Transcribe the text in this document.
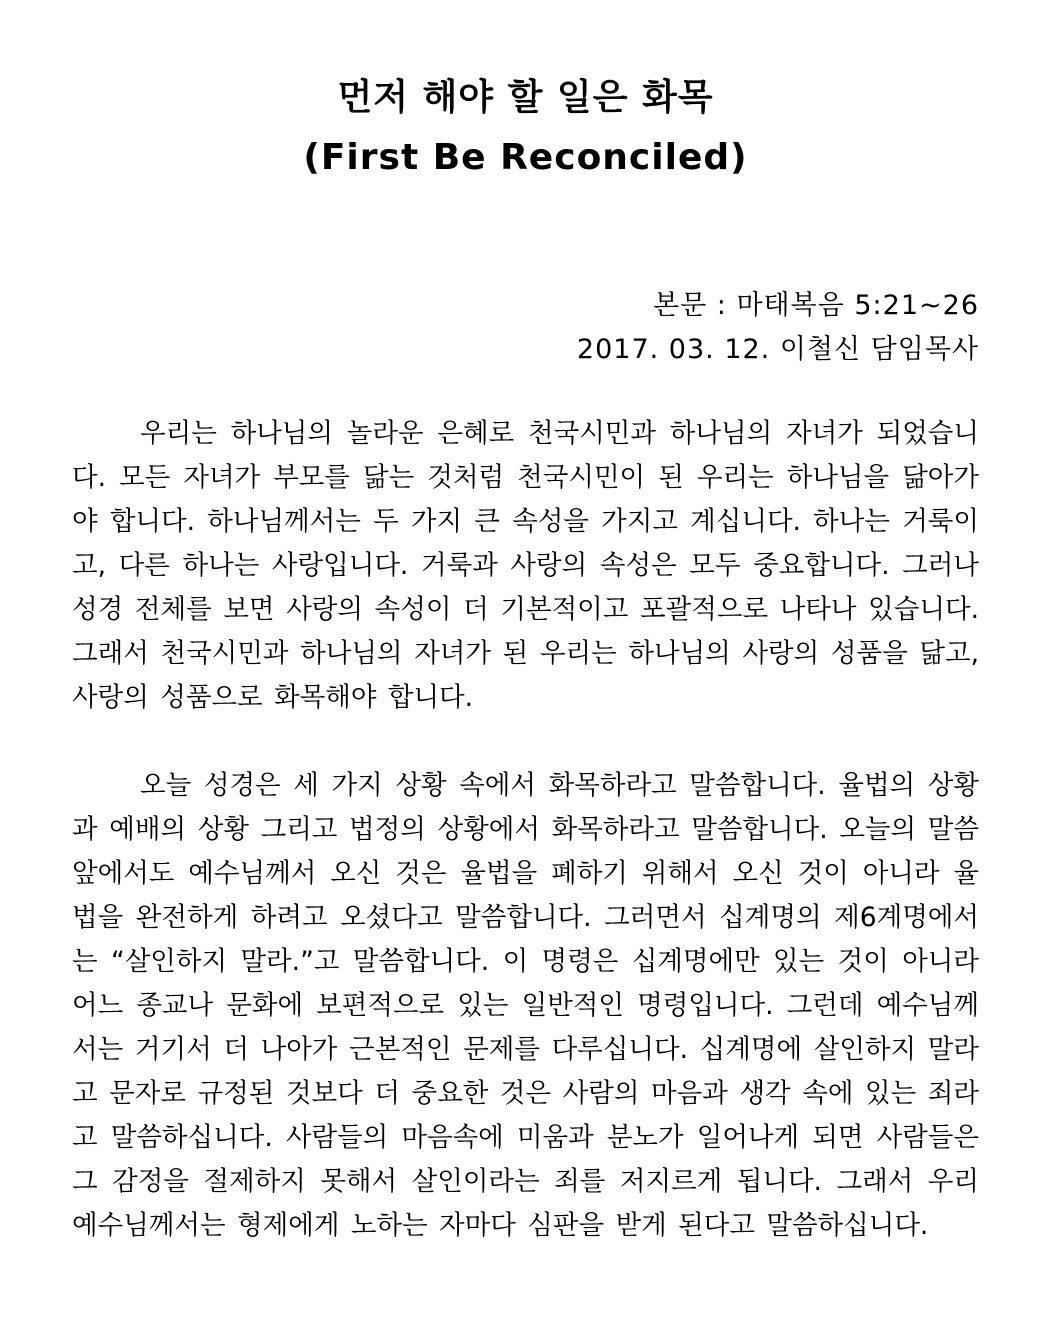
먼저 해야 할 일은 화목

(First Be Reconciled)

본문 : 마태복음 5:21~26

2017. 03. 12. 이철신 담임목사

우리는 하나님의 놀라운 은혜로 천국시민과 하나님의 자녀가 되었습니다. 모든 자녀가 부모를 닮는 것처럼 천국시민이 된 우리는 하나님을 닮아가야 합니다. 하나님께서는 두 가지 큰 속성을 가지고 계십니다. 하나는 거룩이고, 다른 하나는 사랑입니다. 거룩과 사랑의 속성은 모두 중요합니다. 그러나 성경 전체를 보면 사랑의 속성이 더 기본적이고 포괄적으로 나타나 있습니다. 그래서 천국시민과 하나님의 자녀가 된 우리는 하나님의 사랑의 성품을 닮고, 사랑의 성품으로 화목해야 합니다.

오늘 성경은 세 가지 상황 속에서 화목하라고 말씀합니다. 율법의 상황과 예배의 상황 그리고 법정의 상황에서 화목하라고 말씀합니다. 오늘의 말씀 앞에서도 예수님께서 오신 것은 율법을 폐하기 위해서 오신 것이 아니라 율법을 완전하게 하려고 오셨다고 말씀합니다. 그러면서 십계명의 제6계명에서는 “살인하지 말라.”고 말씀합니다. 이 명령은 십계명에만 있는 것이 아니라 어느 종교나 문화에 보편적으로 있는 일반적인 명령입니다. 그런데 예수님께서는 거기서 더 나아가 근본적인 문제를 다루십니다. 십계명에 살인하지 말라고 문자로 규정된 것보다 더 중요한 것은 사람의 마음과 생각 속에 있는 죄라고 말씀하십니다. 사람들의 마음속에 미움과 분노가 일어나게 되면 사람들은 그 감정을 절제하지 못해서 살인이라는 죄를 저지르게 됩니다. 그래서 우리 예수님께서는 형제에게 노하는 자마다 심판을 받게 된다고 말씀하십니다.
